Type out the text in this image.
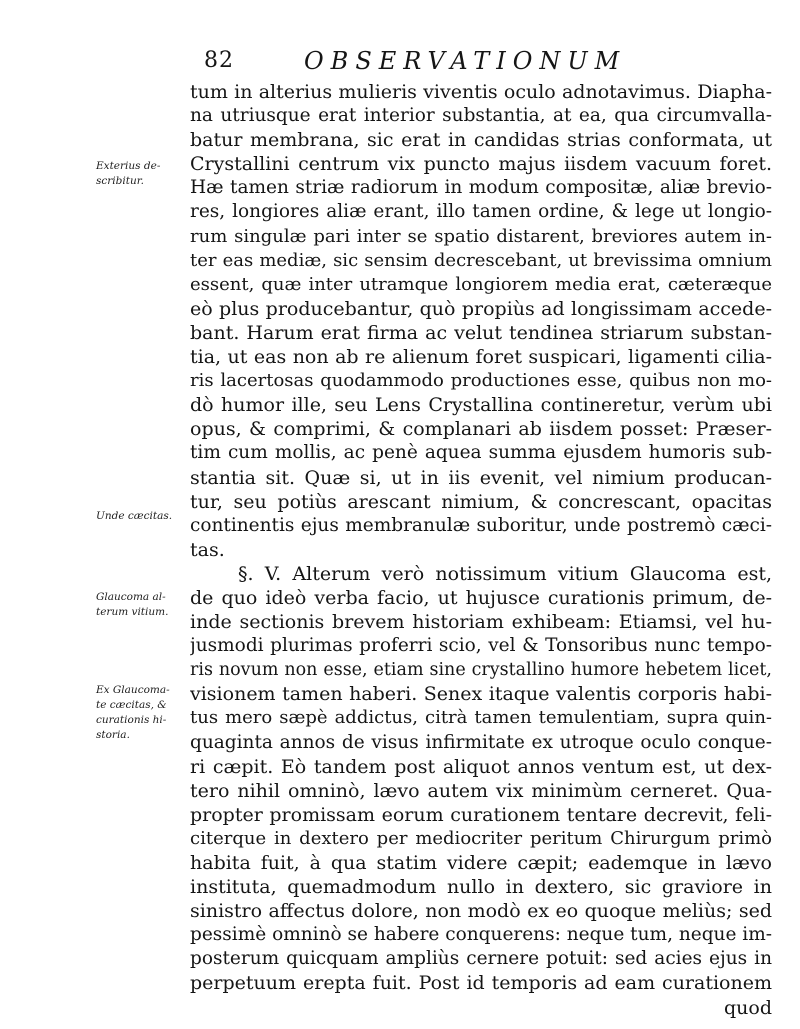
82	OBSERVATIONUM
Exterius de-
scribitur.
Unde cæcitas.
Glaucoma al-
terum vitium.
Ex Glaucoma-
te cæcitas, &
curationis hi-
storia.
tum in alterius mulieris viventis oculo adnotavimus. Diapha-
na utriusque erat interior substantia, at ea, qua circumvalla-
batur membrana, sic erat in candidas strias conformata, ut
Crystallini centrum vix puncto majus iisdem vacuum foret.
Hæ tamen striæ radiorum in modum compositæ, aliæ brevio-
res, longiores aliæ erant, illo tamen ordine, & lege ut longio-
rum singulæ pari inter se spatio distarent, breviores autem in-
ter eas mediæ, sic sensim decrescebant, ut brevissima omnium
essent, quæ inter utramque longiorem media erat, cæteræque
eò plus producebantur, quò propiùs ad longissimam accede-
bant. Harum erat firma ac velut tendinea striarum substan-
tia, ut eas non ab re alienum foret suspicari, ligamenti cilia-
ris lacertosas quodammodo productiones esse, quibus non mo-
dò humor ille, seu Lens Crystallina contineretur, verùm ubi
opus, & comprimi, & complanari ab iisdem posset: Præser-
tim cum mollis, ac penè aquea summa ejusdem humoris sub-
stantia sit. Quæ si, ut in iis evenit, vel nimium producan-
tur, seu potiùs arescant nimium, & concrescant, opacitas
continentis ejus membranulæ suboritur, unde postremò cæci-
tas.
§. V. Alterum verò notissimum vitium Glaucoma est,
de quo ideò verba facio, ut hujusce curationis primum, de-
inde sectionis brevem historiam exhibeam: Etiamsi, vel hu-
jusmodi plurimas proferri scio, vel & Tonsoribus nunc tempo-
ris novum non esse, etiam sine crystallino humore hebetem licet,
visionem tamen haberi. Senex itaque valentis corporis habi-
tus mero sæpè addictus, citrà tamen temulentiam, supra quin-
quaginta annos de visus infirmitate ex utroque oculo conque-
ri cæpit. Eò tandem post aliquot annos ventum est, ut dex-
tero nihil omninò, lævo autem vix minimùm cerneret. Qua-
propter promissam eorum curationem tentare decrevit, feli-
citerque in dextero per mediocriter peritum Chirurgum primò
habita fuit, à qua statim videre cæpit; eademque in lævo
instituta, quemadmodum nullo in dextero, sic graviore in
sinistro affectus dolore, non modò ex eo quoque meliùs; sed
pessimè omninò se habere conquerens: neque tum, neque im-
posterum quicquam ampliùs cernere potuit: sed acies ejus in
perpetuum erepta fuit. Post id temporis ad eam curationem
quod
